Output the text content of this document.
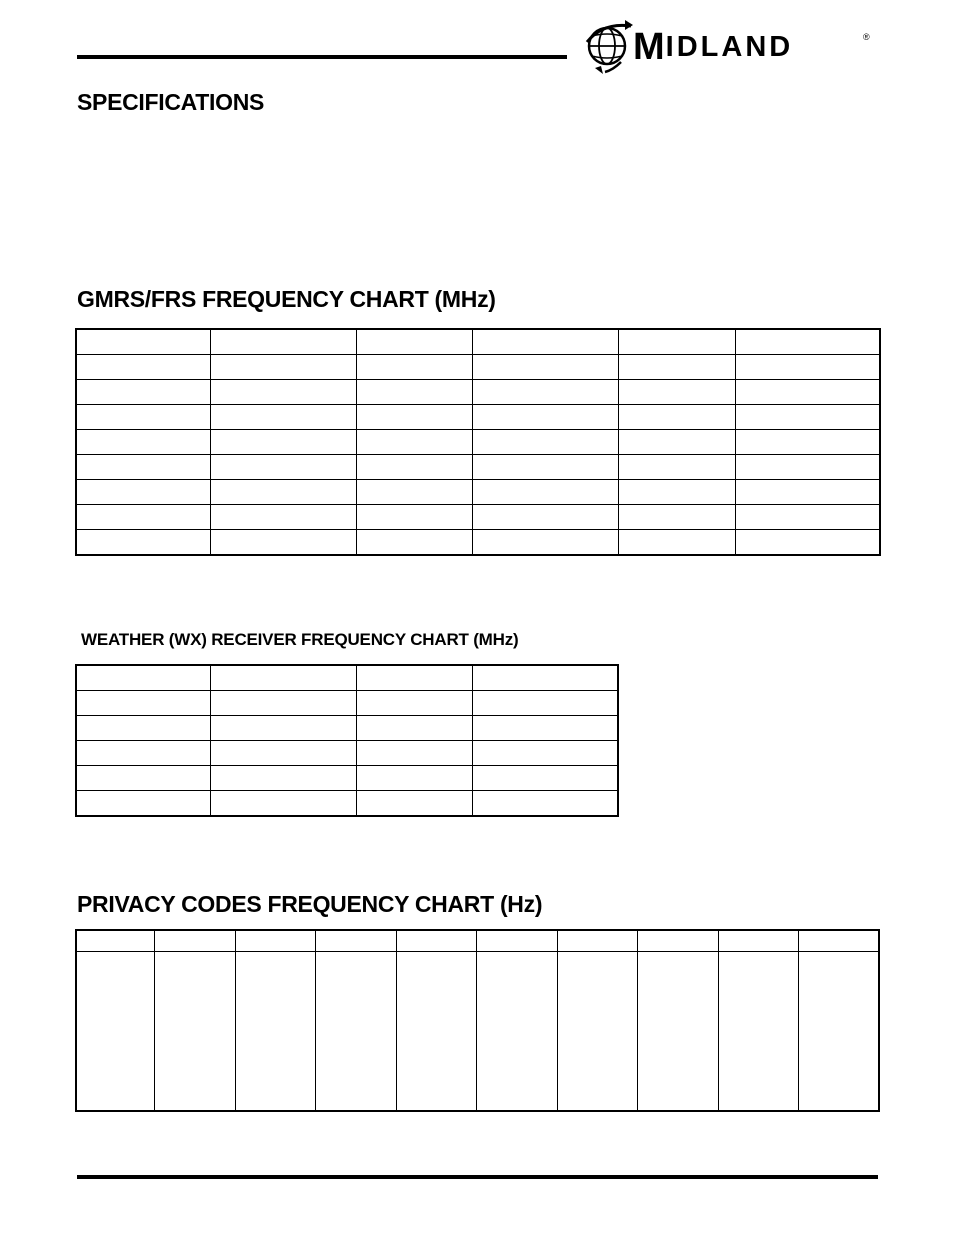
MIDLAND	®
SPECIFICATIONS
GMRS/FRS FREQUENCY CHART (MHz)

WEATHER (WX) RECEIVER FREQUENCY CHART (MHz)

PRIVACY CODES FREQUENCY CHART (Hz)
